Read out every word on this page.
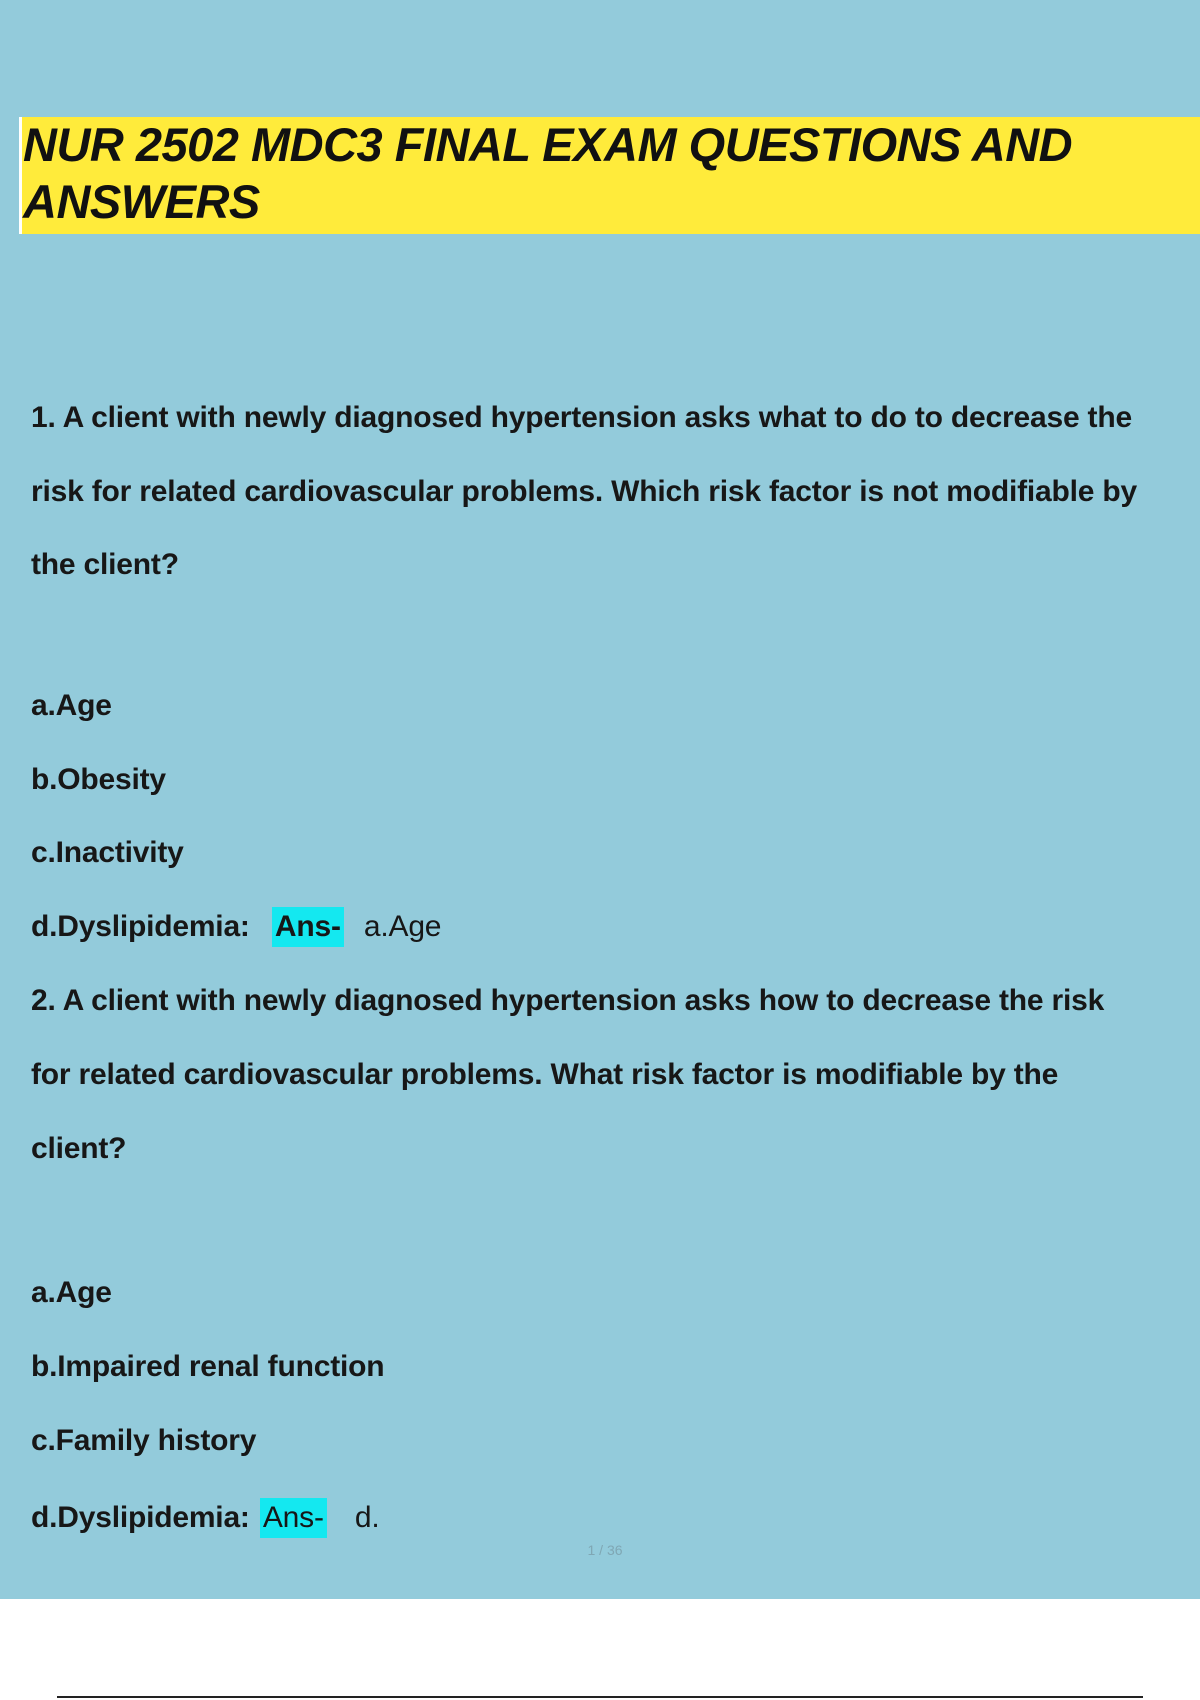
NUR 2502 MDC3 FINAL EXAM QUESTIONS AND ANSWERS
1. A client with newly diagnosed hypertension asks what to do to decrease the
risk for related cardiovascular problems. Which risk factor is not modifiable by
the client?
a.Age
b.Obesity
c.Inactivity
d.Dyslipidemia: Ans- a.Age
2. A client with newly diagnosed hypertension asks how to decrease the risk
for related cardiovascular problems. What risk factor is modifiable by the
client?
a.Age
b.Impaired renal function
c.Family history
d.Dyslipidemia: Ans- d.
1 / 36
